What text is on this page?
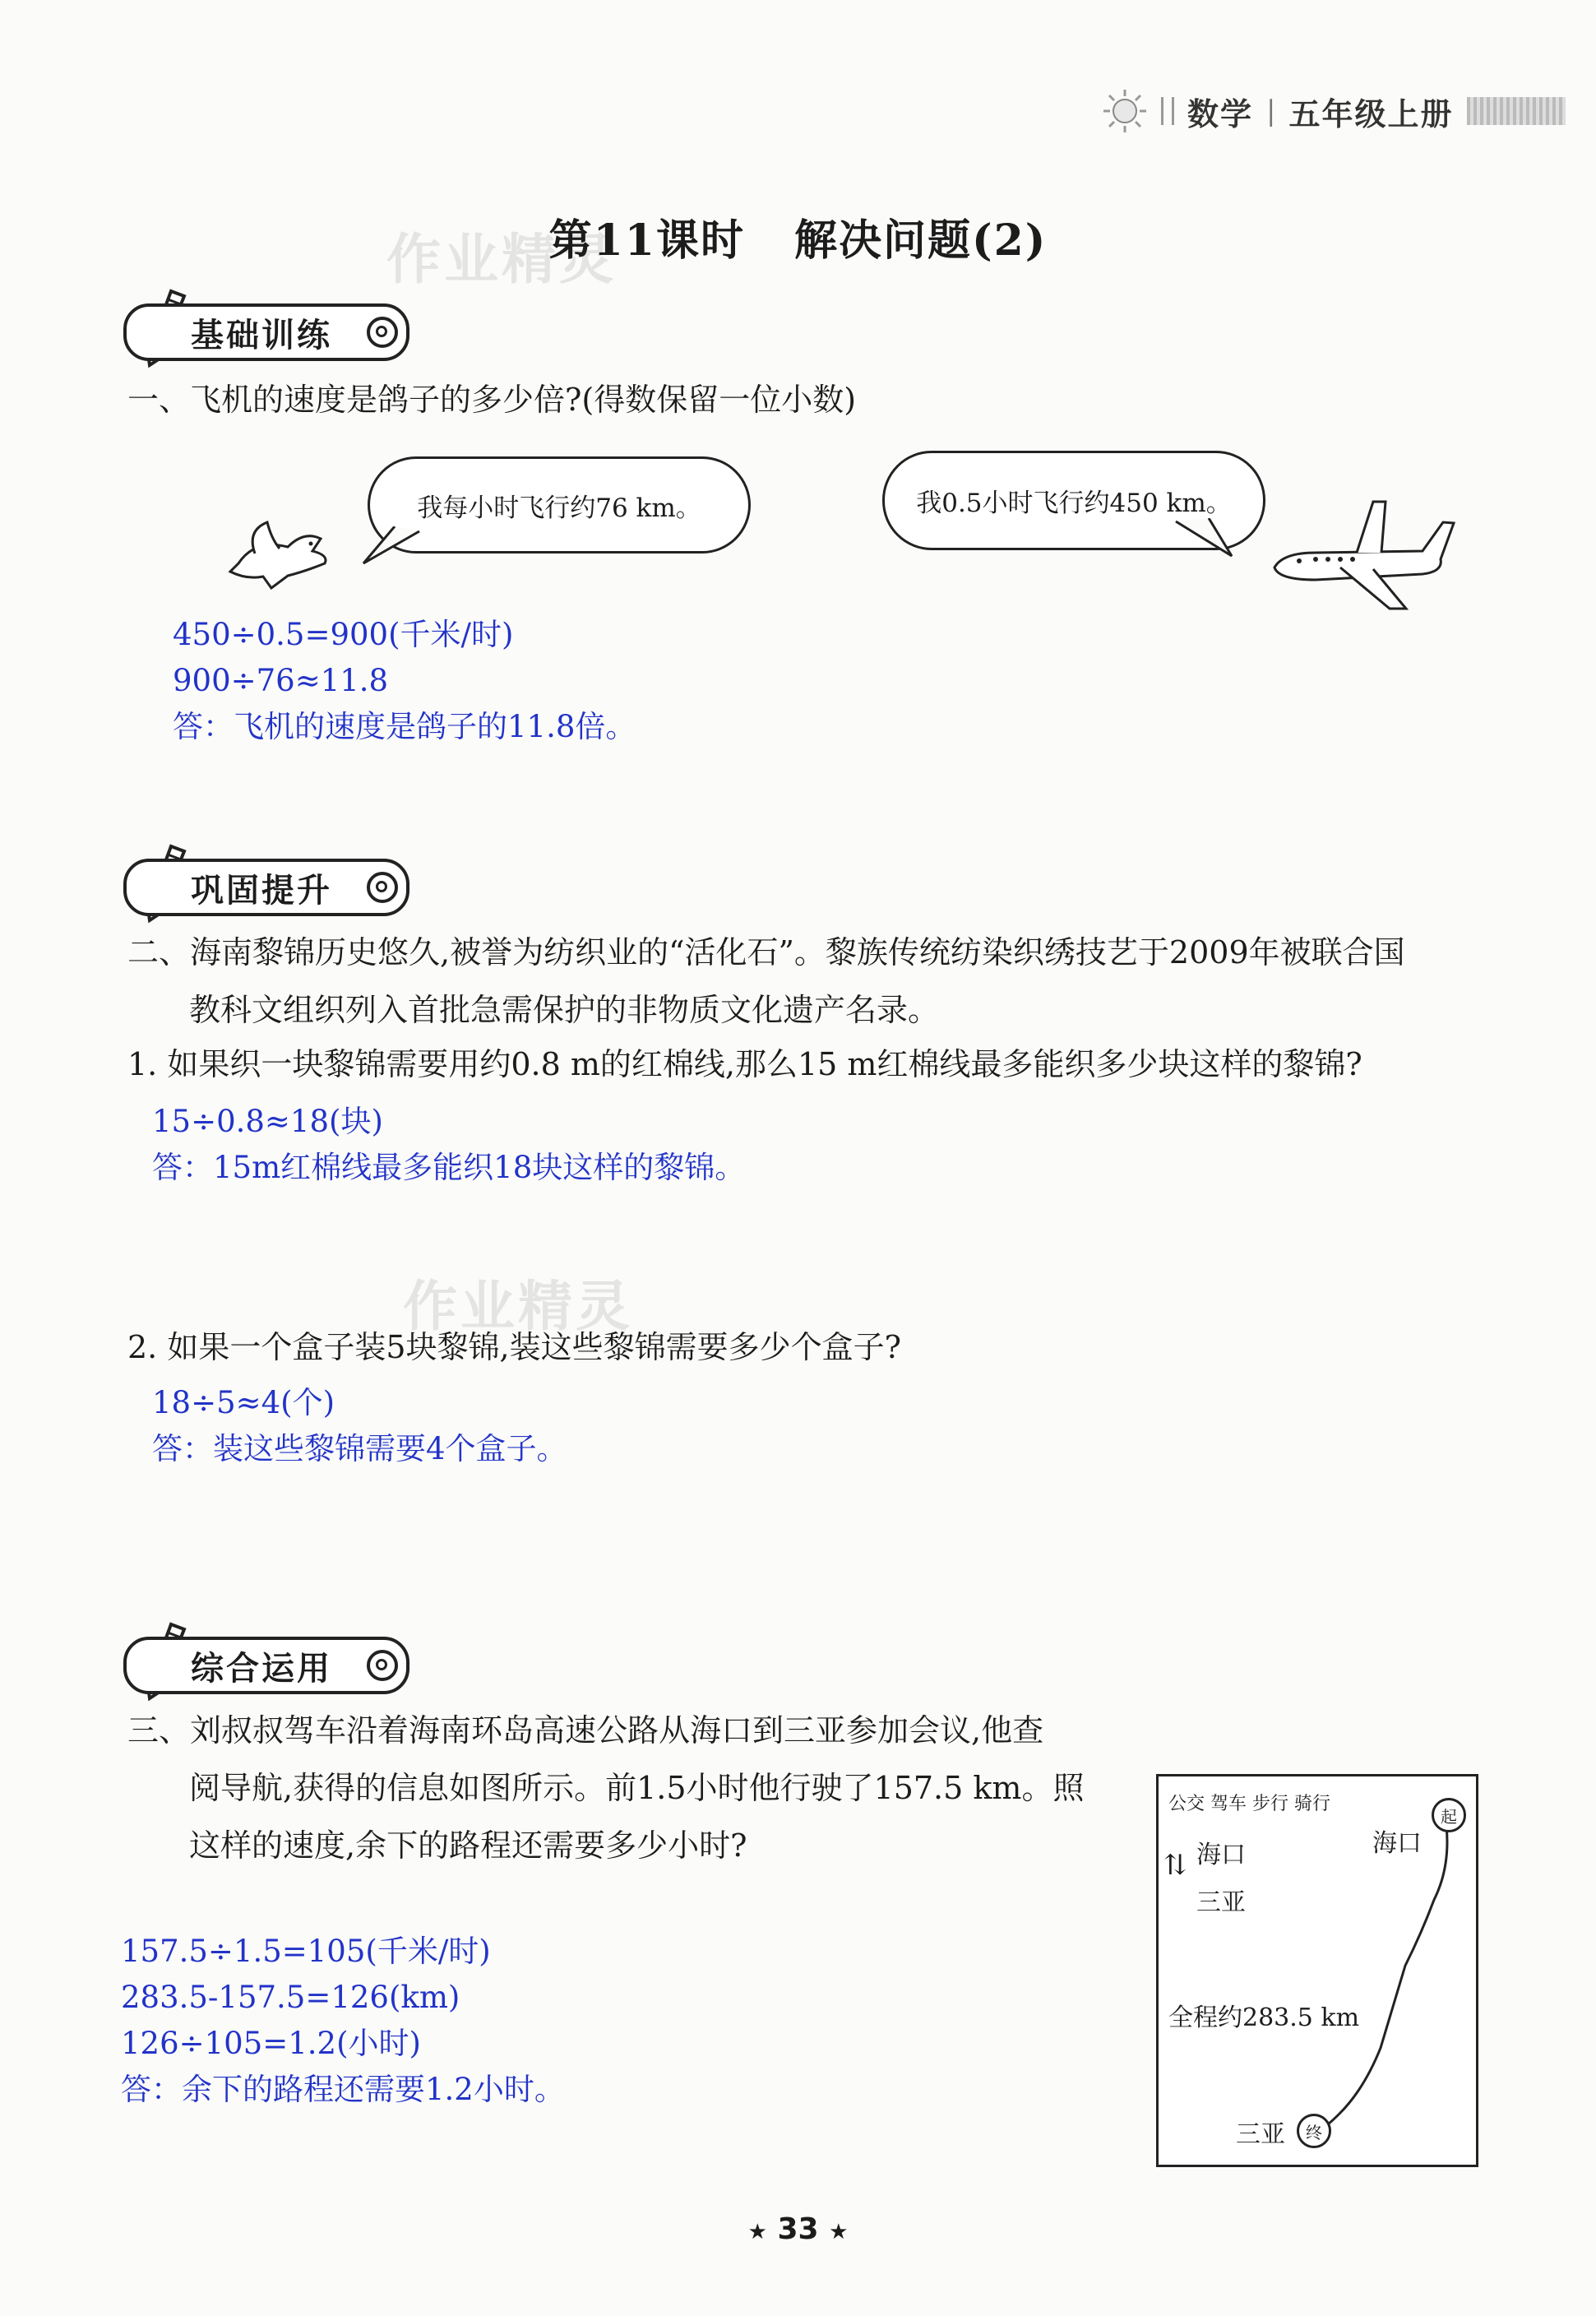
数学 | 五年级上册
作业精灵
第11课时 解决问题(2)
基础训练
一、飞机的速度是鸽子的多少倍?(得数保留一位小数)
我每小时飞行约76 km。	我0.5小时飞行约450 km。
450÷0.5=900(千米/时)
900÷76≈11.8
答：飞机的速度是鸽子的11.8倍。
巩固提升
二、海南黎锦历史悠久,被誉为纺织业的“活化石”。黎族传统纺染织绣技艺于2009年被联合国
教科文组织列入首批急需保护的非物质文化遗产名录。
1. 如果织一块黎锦需要用约0.8 m的红棉线,那么15 m红棉线最多能织多少块这样的黎锦?
15÷0.8≈18(块)
答：15m红棉线最多能织18块这样的黎锦。
作业精灵
2. 如果一个盒子装5块黎锦,装这些黎锦需要多少个盒子?
18÷5≈4(个)
答：装这些黎锦需要4个盒子。
综合运用
三、刘叔叔驾车沿着海南环岛高速公路从海口到三亚参加会议,他查
阅导航,获得的信息如图所示。前1.5小时他行驶了157.5 km。照
这样的速度,余下的路程还需要多少小时?
157.5÷1.5=105(千米/时)
283.5-157.5=126(km)
126÷105=1.2(小时)
答：余下的路程还需要1.2小时。
公交 驾车 步行 骑行
⇅ 海口
三亚
海口
全程约283.5 km
三亚
起
终
★ 33 ★
